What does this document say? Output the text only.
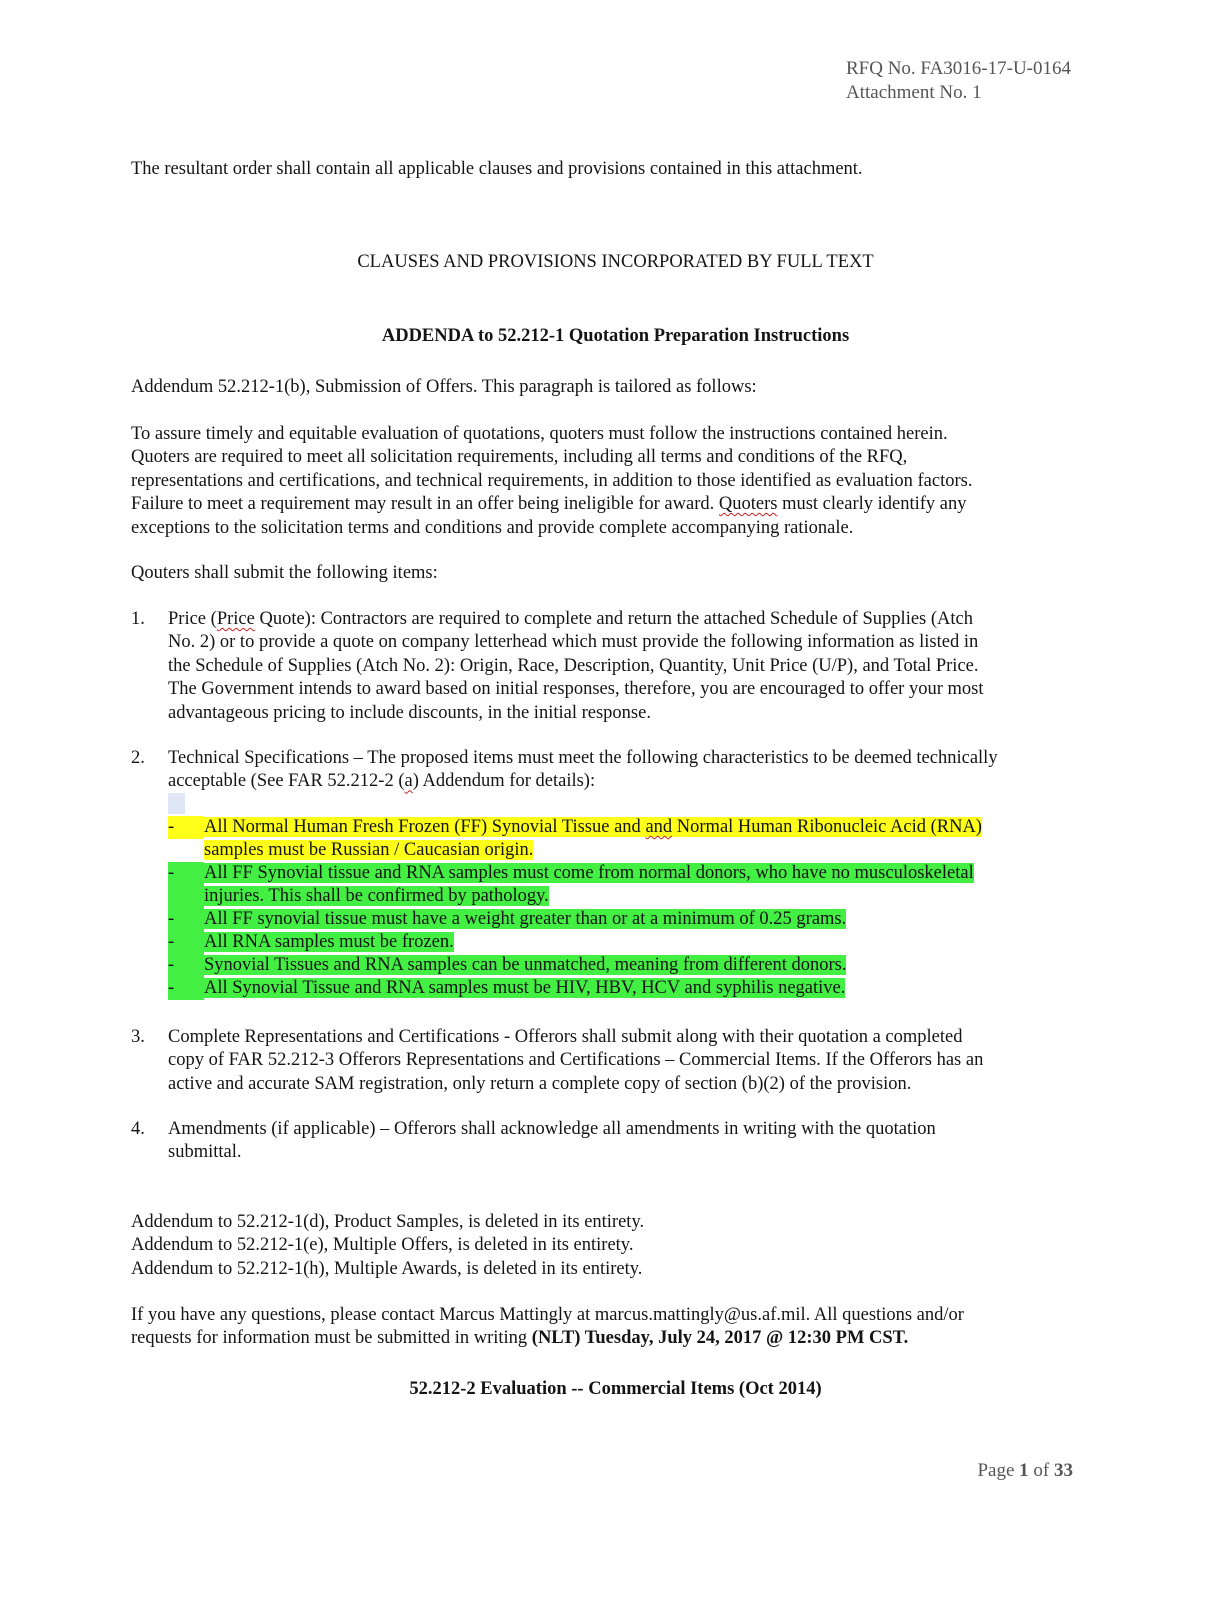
RFQ No. FA3016-17-U-0164
Attachment No. 1
The resultant order shall contain all applicable clauses and provisions contained in this attachment.
CLAUSES AND PROVISIONS INCORPORATED BY FULL TEXT
ADDENDA to 52.212-1 Quotation Preparation Instructions
Addendum 52.212-1(b), Submission of Offers. This paragraph is tailored as follows:
To assure timely and equitable evaluation of quotations, quoters must follow the instructions contained herein.
Quoters are required to meet all solicitation requirements, including all terms and conditions of the RFQ,
representations and certifications, and technical requirements, in addition to those identified as evaluation factors.
Failure to meet a requirement may result in an offer being ineligible for award. Quoters must clearly identify any
exceptions to the solicitation terms and conditions and provide complete accompanying rationale.
Qouters shall submit the following items:
1. Price (Price Quote): Contractors are required to complete and return the attached Schedule of Supplies (Atch
No. 2) or to provide a quote on company letterhead which must provide the following information as listed in
the Schedule of Supplies (Atch No. 2): Origin, Race, Description, Quantity, Unit Price (U/P), and Total Price.
The Government intends to award based on initial responses, therefore, you are encouraged to offer your most
advantageous pricing to include discounts, in the initial response.
2. Technical Specifications – The proposed items must meet the following characteristics to be deemed technically
acceptable (See FAR 52.212-2 (a) Addendum for details):
-	All Normal Human Fresh Frozen (FF) Synovial Tissue and and Normal Human Ribonucleic Acid (RNA)
samples must be Russian / Caucasian origin.
-	All FF Synovial tissue and RNA samples must come from normal donors, who have no musculoskeletal

injuries. This shall be confirmed by pathology.
-	All FF synovial tissue must have a weight greater than or at a minimum of 0.25 grams.
-	All RNA samples must be frozen.
-	Synovial Tissues and RNA samples can be unmatched, meaning from different donors.
-	All Synovial Tissue and RNA samples must be HIV, HBV, HCV and syphilis negative.
3. Complete Representations and Certifications - Offerors shall submit along with their quotation a completed
copy of FAR 52.212-3 Offerors Representations and Certifications – Commercial Items. If the Offerors has an
active and accurate SAM registration, only return a complete copy of section (b)(2) of the provision.
4. Amendments (if applicable) – Offerors shall acknowledge all amendments in writing with the quotation
submittal.
Addendum to 52.212-1(d), Product Samples, is deleted in its entirety.
Addendum to 52.212-1(e), Multiple Offers, is deleted in its entirety.
Addendum to 52.212-1(h), Multiple Awards, is deleted in its entirety.
If you have any questions, please contact Marcus Mattingly at marcus.mattingly@us.af.mil. All questions and/or
requests for information must be submitted in writing (NLT) Tuesday, July 24, 2017 @ 12:30 PM CST.
52.212-2 Evaluation -- Commercial Items (Oct 2014)
Page 1 of 33
